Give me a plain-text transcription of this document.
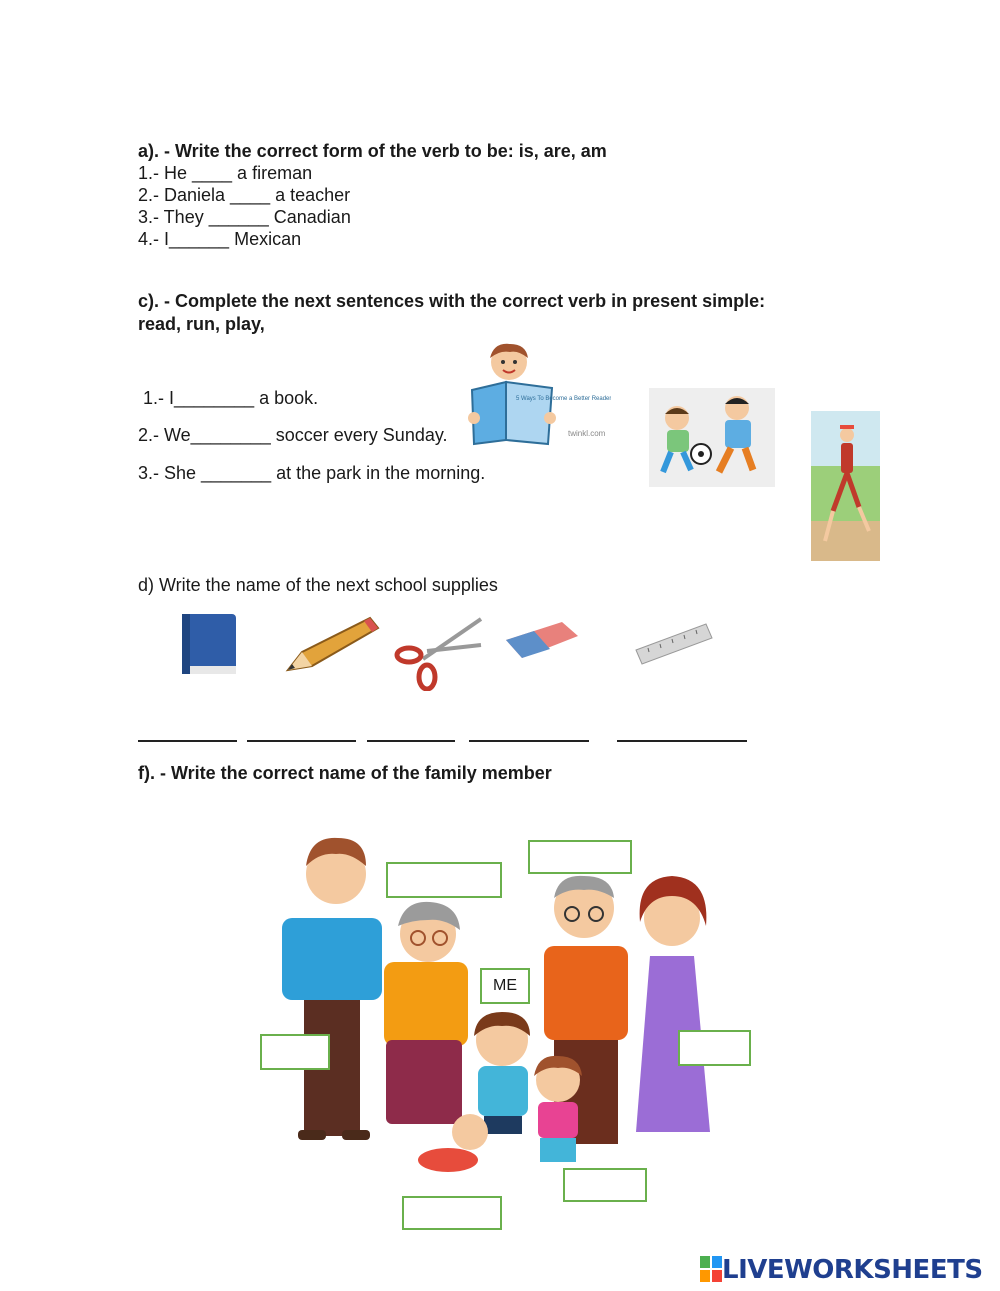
a). - Write the correct form of the verb to be: is, are, am
1.- He ____ a fireman
2.- Daniela ____ a teacher
3.- They ______ Canadian
4.- I______ Mexican
c). - Complete the next sentences with the correct verb in present simple:
read, run, play,
1.- I________ a book.
2.- We________ soccer every Sunday.
3.- She _______ at the park in the morning.
5 Ways To Become a Better Reader
twinkl.com
d) Write the name of the next school supplies
f). - Write the correct name of the family member
ME
LIVEWORKSHEETS
